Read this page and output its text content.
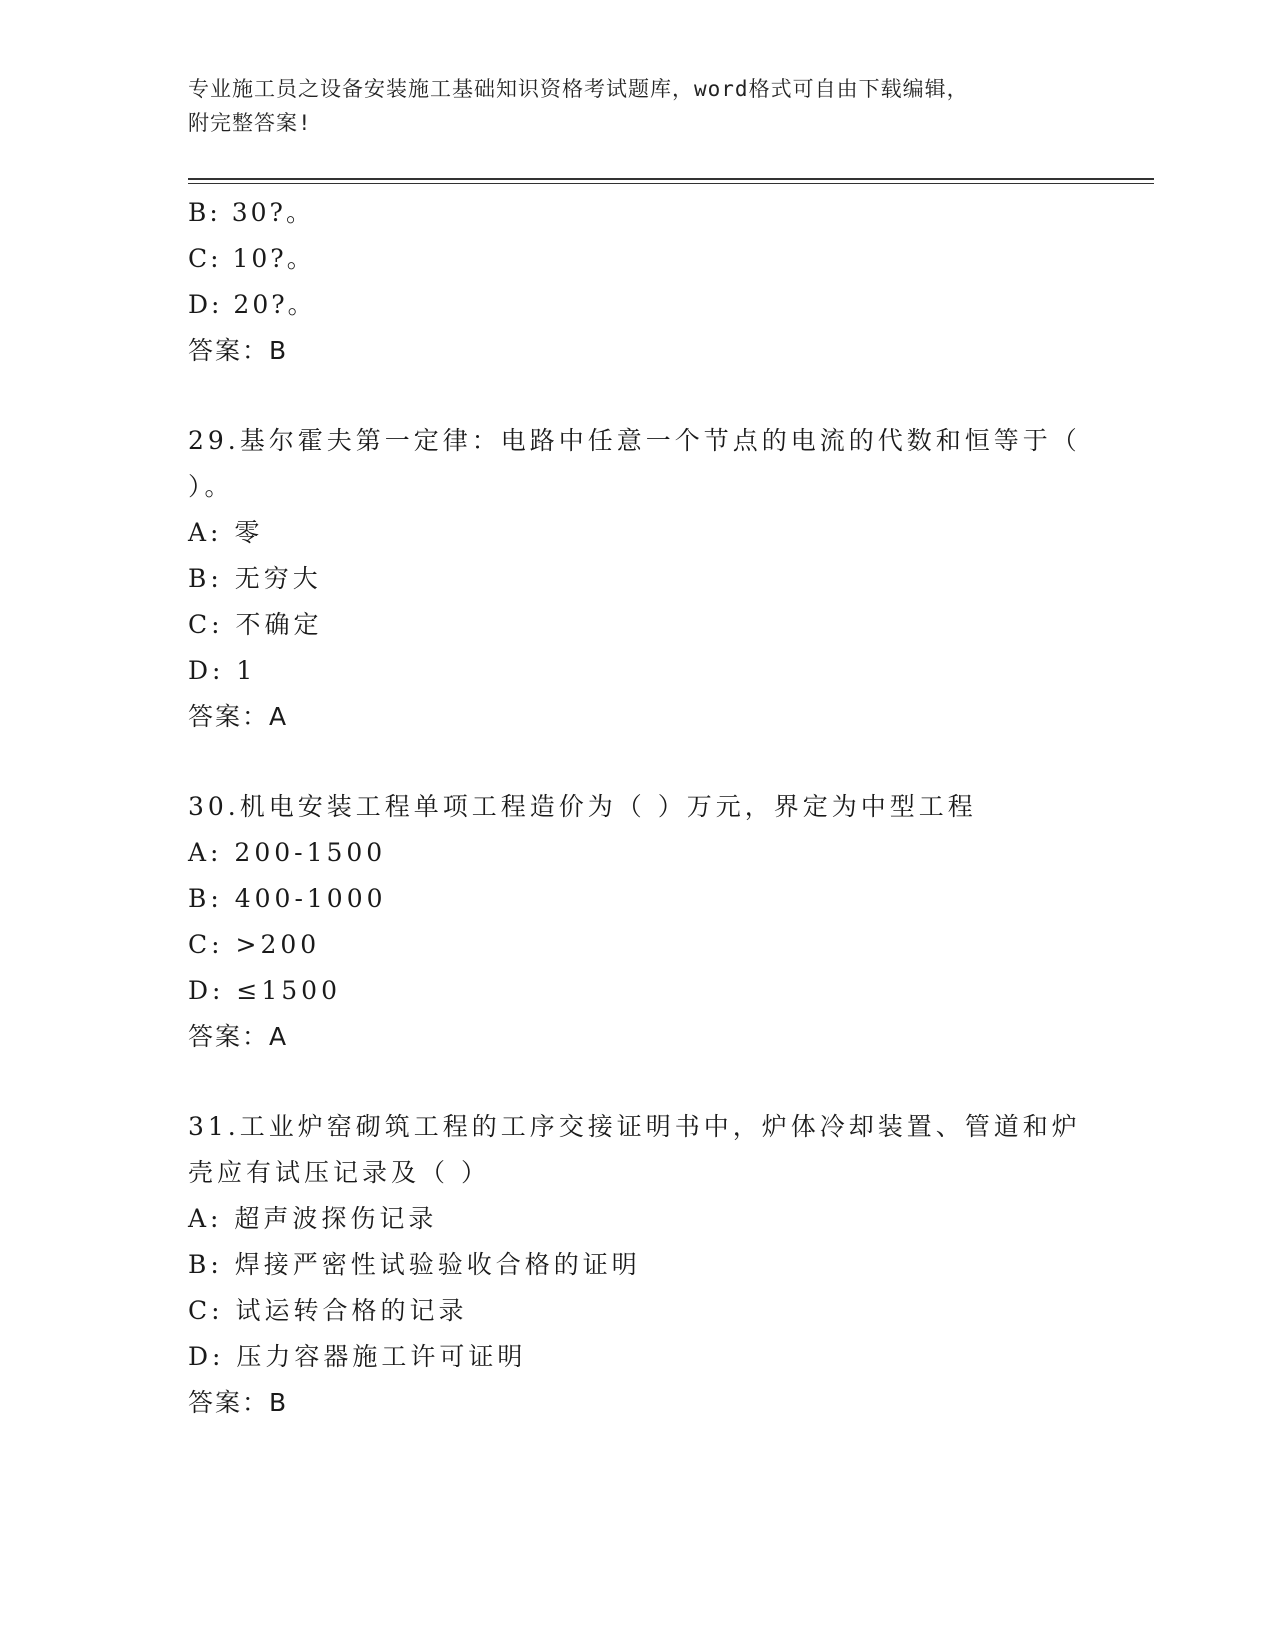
专业施工员之设备安装施工基础知识资格考试题库，word格式可自由下载编辑，
附完整答案!
B: 30?。
C: 10?。
D: 20?。
答案：B
29.基尔霍夫第一定律：电路中任意一个节点的电流的代数和恒等于（
）。
A: 零
B: 无穷大
C: 不确定
D: 1
答案：A
30.机电安装工程单项工程造价为（ ）万元，界定为中型工程
A: 200-1500
B: 400-1000
C: >200
D: ≤1500
答案：A
31.工业炉窑砌筑工程的工序交接证明书中，炉体冷却装置、管道和炉
壳应有试压记录及（ ）
A: 超声波探伤记录
B: 焊接严密性试验验收合格的证明
C: 试运转合格的记录
D: 压力容器施工许可证明
答案：B
